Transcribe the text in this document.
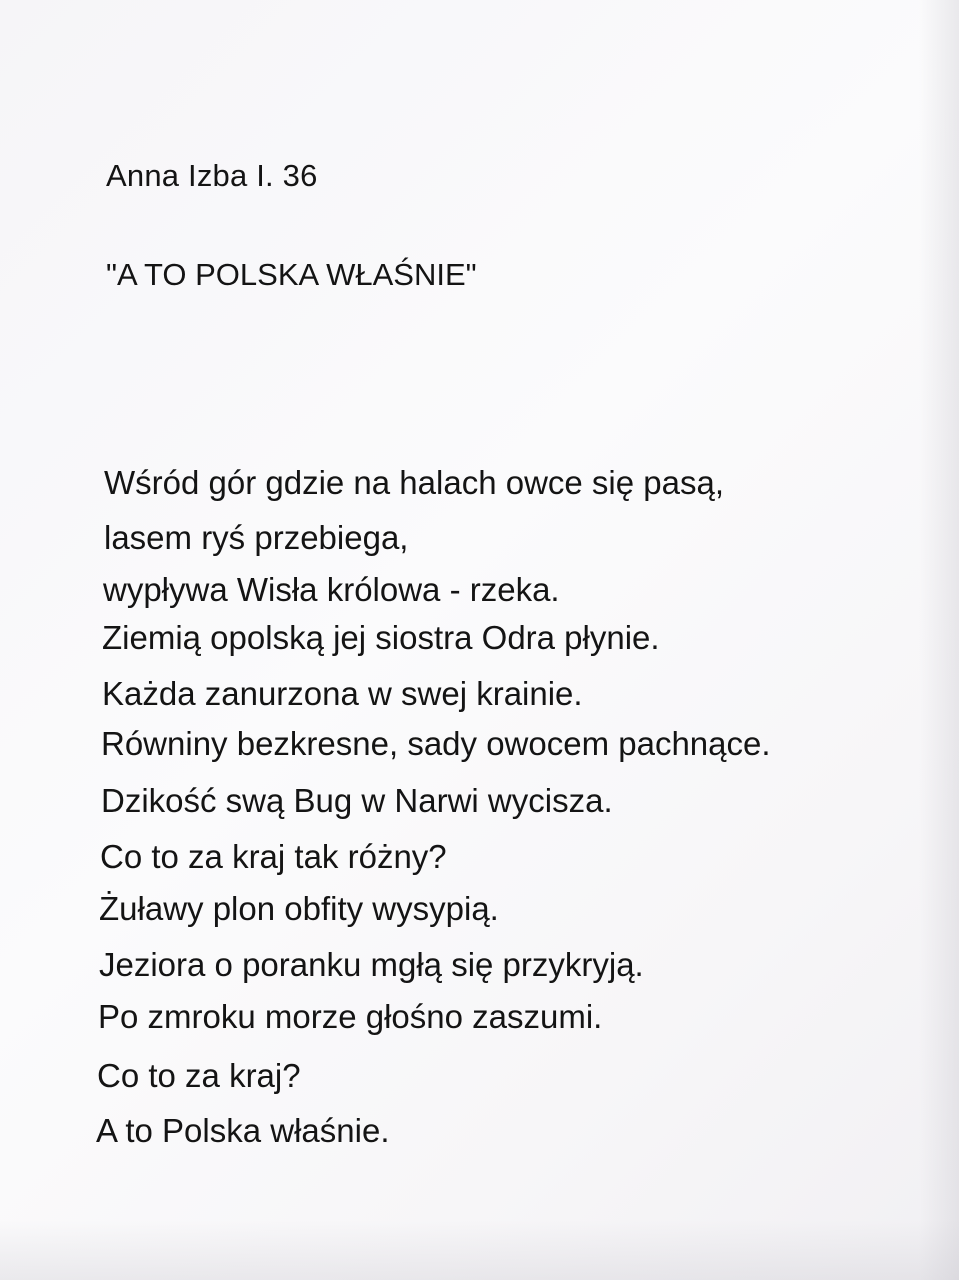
Anna Izba I. 36
"A TO POLSKA WŁAŚNIE"
Wśród gór gdzie na halach owce się pasą,
lasem ryś przebiega,
wypływa Wisła królowa - rzeka.
Ziemią opolską jej siostra Odra płynie.
Każda zanurzona w swej krainie.
Równiny bezkresne, sady owocem pachnące.
Dzikość swą Bug w Narwi wycisza.
Co to za kraj tak różny?
Żuławy plon obfity wysypią.
Jeziora o poranku mgłą się przykryją.
Po zmroku morze głośno zaszumi.
Co to za kraj?
A to Polska właśnie.
